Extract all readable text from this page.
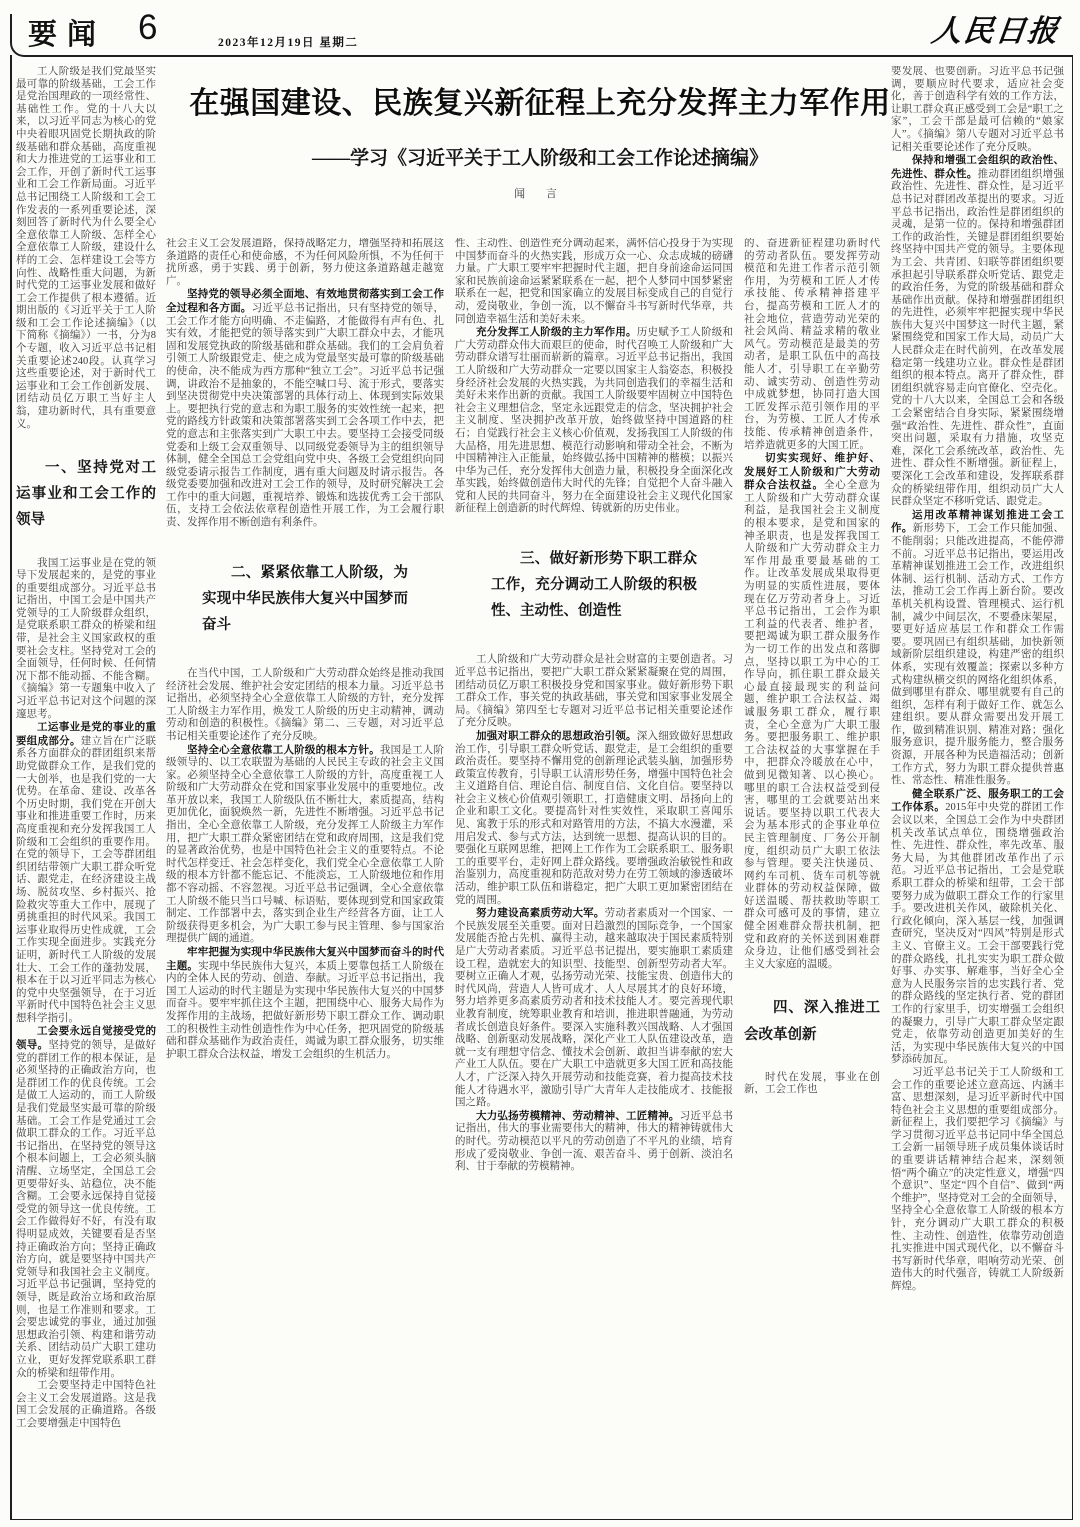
要闻 6	2023年12月19日 星期二	人民日报
在强国建设、民族复兴新征程上充分发挥主力军作用
——学习《习近平关于工人阶级和工会工作论述摘编》
闻 言

工人阶级是我们党最坚实最可靠的阶级基础，工会工作是党治国理政的一项经常性、基础性工作。党的十八大以来，以习近平同志为核心的党中央着眼巩固党长期执政的阶级基础和群众基础，高度重视和大力推进党的工运事业和工会工作，开创了新时代工运事业和工会工作新局面。习近平总书记围绕工人阶级和工会工作发表的一系列重要论述，深刻回答了新时代为什么要全心全意依靠工人阶级、怎样全心全意依靠工人阶级，建设什么样的工会、怎样建设工会等方向性、战略性重大问题，为新时代党的工运事业发展和做好工会工作提供了根本遵循。近期出版的《习近平关于工人阶级和工会工作论述摘编》（以下简称《摘编》）一书，分为8个专题，收入习近平总书记相关重要论述240段。认真学习这些重要论述，对于新时代工运事业和工会工作创新发展、团结动员亿万职工当好主人翁，建功新时代，具有重要意义。

一、坚持党对工运事业和工会工作的领导

我国工运事业是在党的领导下发展起来的，是党的事业的重要组成部分。习近平总书记指出，中国工会是中国共产党领导的工人阶级群众组织，是党联系职工群众的桥梁和纽带，是社会主义国家政权的重要社会支柱。坚持党对工会的全面领导，任何时候、任何情况下都不能动摇、不能含糊。《摘编》第一专题集中收入了习近平总书记对这个问题的深邃思考。

工运事业是党的事业的重要组成部分。建立旨在广泛联系各方面群众的群团组织来帮助党做群众工作，是我们党的一大创举，也是我们党的一大优势。在革命、建设、改革各个历史时期，我们党在开创大事业和推进重要工作时，历来高度重视和充分发挥我国工人阶级和工会组织的重要作用。在党的领导下，工会等群团组织团结带领广大职工群众听党话、跟党走，在经济建设主战场、脱贫攻坚、乡村振兴、抢险救灾等重大工作中，展现了勇挑重担的时代风采。我国工运事业取得历史性成就，工会工作实现全面进步。实践充分证明，新时代工人阶级的发展壮大、工会工作的蓬勃发展，根本在于以习近平同志为核心的党中央坚强领导，在于习近平新时代中国特色社会主义思想科学指引。

工会要永远自觉接受党的领导。坚持党的领导，是做好党的群团工作的根本保证，是必须坚持的正确政治方向，也是群团工作的优良传统。工会是做工人运动的，而工人阶级是我们党最坚实最可靠的阶级基础。工会工作是党通过工会做职工群众的工作。习近平总书记指出，在坚持党的领导这个根本问题上，工会必须头脑清醒、立场坚定，全国总工会更要带好头、站稳位，决不能含糊。工会要永远保持自觉接受党的领导这一优良传统。工会工作做得好不好，有没有取得明显成效，关键要看是否坚持正确政治方向；坚持正确政治方向，就是要坚持中国共产党领导和我国社会主义制度。习近平总书记强调，坚持党的领导，既是政治立场和政治原则，也是工作准则和要求。工会要忠诚党的事业，通过加强思想政治引领、构建和谐劳动关系、团结动员广大职工建功立业，更好发挥党联系职工群众的桥梁和纽带作用。

工会要坚持走中国特色社会主义工会发展道路。这是我国工会发展的正确道路。各级工会要增强走中国特色

社会主义工会发展道路，保持战略定力，增强坚持和拓展这条道路的责任心和使命感，不为任何风险所惧，不为任何干扰所惑，勇于实践、勇于创新，努力使这条道路越走越宽广。

坚持党的领导必须全面地、有效地贯彻落实到工会工作全过程和各方面。习近平总书记指出，只有坚持党的领导，工会工作才能方向明确、不走偏路，才能做得有声有色、扎实有效，才能把党的领导落实到广大职工群众中去，才能巩固和发展党执政的阶级基础和群众基础。我们的工会肩负着引领工人阶级跟党走、使之成为党最坚实最可靠的阶级基础的使命，决不能成为西方那种“独立工会”。习近平总书记强调，讲政治不是抽象的，不能空喊口号、流于形式，要落实到坚决贯彻党中央决策部署的具体行动上、体现到实际效果上。要把执行党的意志和为职工服务的实效性统一起来，把党的路线方针政策和决策部署落实到工会各项工作中去，把党的意志和主张落实到广大职工中去。要坚持工会接受同级党委和上级工会双重领导、以同级党委领导为主的组织领导体制，健全全国总工会党组向党中央、各级工会党组织向同级党委请示报告工作制度，遇有重大问题及时请示报告。各级党委要加强和改进对工会工作的领导，及时研究解决工会工作中的重大问题，重视培养、锻炼和选拔优秀工会干部队伍，支持工会依法依章程创造性开展工作，为工会履行职责、发挥作用不断创造有利条件。

二、紧紧依靠工人阶级，为实现中华民族伟大复兴中国梦而奋斗

在当代中国，工人阶级和广大劳动群众始终是推动我国经济社会发展、维护社会安定团结的根本力量。习近平总书记指出，必须坚持全心全意依靠工人阶级的方针，充分发挥工人阶级主力军作用，焕发工人阶级的历史主动精神，调动劳动和创造的积极性。《摘编》第二、三专题，对习近平总书记相关重要论述作了充分反映。

坚持全心全意依靠工人阶级的根本方针。我国是工人阶级领导的、以工农联盟为基础的人民民主专政的社会主义国家。必须坚持全心全意依靠工人阶级的方针，高度重视工人阶级和广大劳动群众在党和国家事业发展中的重要地位。改革开放以来，我国工人阶级队伍不断壮大，素质提高，结构更加优化，面貌焕然一新，先进性不断增强。习近平总书记指出，全心全意依靠工人阶级，充分发挥工人阶级主力军作用，把广大职工群众紧密团结在党和政府周围，这是我们党的显著政治优势，也是中国特色社会主义的重要特点。不论时代怎样变迁、社会怎样变化，我们党全心全意依靠工人阶级的根本方针都不能忘记、不能淡忘，工人阶级地位和作用都不容动摇、不容忽视。习近平总书记强调，全心全意依靠工人阶级不能只当口号喊、标语贴，要体现到党和国家政策制定、工作部署中去，落实到企业生产经营各方面，让工人阶级获得更多机会，为广大职工参与民主管理、参与国家治理提供广阔的通道。

牢牢把握为实现中华民族伟大复兴中国梦而奋斗的时代主题。实现中华民族伟大复兴，本质上要靠包括工人阶级在内的全体人民的劳动、创造、奉献。习近平总书记指出，我国工人运动的时代主题是为实现中华民族伟大复兴的中国梦而奋斗。要牢牢抓住这个主题，把围绕中心、服务大局作为发挥作用的主战场，把做好新形势下职工群众工作、调动职工的积极性主动性创造性作为中心任务，把巩固党的阶级基础和群众基础作为政治责任，竭诚为职工群众服务，切实维护职工群众合法权益，增发工会组织的生机活力。

性、主动性、创造性充分调动起来，满怀信心投身于为实现中国梦而奋斗的火热实践，形成万众一心、众志成城的磅礴力量。广大职工要牢牢把握时代主题，把自身前途命运同国家和民族前途命运紧紧联系在一起，把个人梦同中国梦紧密联系在一起，把党和国家确立的发展目标变成自己的自觉行动，爱岗敬业，争创一流，以不懈奋斗书写新时代华章，共同创造幸福生活和美好未来。

充分发挥工人阶级的主力军作用。历史赋予工人阶级和广大劳动群众伟大而艰巨的使命，时代召唤工人阶级和广大劳动群众谱写壮丽而崭新的篇章。习近平总书记指出，我国工人阶级和广大劳动群众一定要以国家主人翁姿态，积极投身经济社会发展的火热实践，为共同创造我们的幸福生活和美好未来作出新的贡献。我国工人阶级要牢固树立中国特色社会主义理想信念，坚定永远跟党走的信念，坚决拥护社会主义制度、坚决拥护改革开放，始终做坚持中国道路的柱石；自觉践行社会主义核心价值观，发扬我国工人阶级的伟大品格，用先进思想、模范行动影响和带动全社会，不断为中国精神注入正能量，始终做弘扬中国精神的楷模；以振兴中华为己任，充分发挥伟大创造力量，积极投身全面深化改革实践，始终做创造伟大时代的先锋；自觉把个人奋斗融入党和人民的共同奋斗，努力在全面建设社会主义现代化国家新征程上创造新的时代辉煌、铸就新的历史伟业。

三、做好新形势下职工群众工作，充分调动工人阶级的积极性、主动性、创造性

工人阶级和广大劳动群众是社会财富的主要创造者。习近平总书记指出，要把广大职工群众紧紧凝聚在党的周围，团结动员亿万职工积极投身党和国家事业。做好新形势下职工群众工作，事关党的执政基础，事关党和国家事业发展全局。《摘编》第四至七专题对习近平总书记相关重要论述作了充分反映。

加强对职工群众的思想政治引领。深入细致做好思想政治工作，引导职工群众听党话、跟党走，是工会组织的重要政治责任。要坚持不懈用党的创新理论武装头脑，加强形势政策宣传教育，引导职工认清形势任务，增强中国特色社会主义道路自信、理论自信、制度自信、文化自信。要坚持以社会主义核心价值观引领职工，打造健康文明、昂扬向上的企业和职工文化。要提高针对性实效性，采取职工喜闻乐见、寓教于乐的形式和对路管用的方法，不搞大水漫灌，采用启发式、参与式方法，达到统一思想、提高认识的目的。要强化互联网思维，把网上工作作为工会联系职工、服务职工的重要平台，走好网上群众路线。要增强政治敏锐性和政治鉴别力，高度重视和防范敌对势力在劳工领域的渗透破坏活动，维护职工队伍和谐稳定，把广大职工更加紧密团结在党的周围。

努力建设高素质劳动大军。劳动者素质对一个国家、一个民族发展至关重要。面对日趋激烈的国际竞争，一个国家发展能否抢占先机、赢得主动，越来越取决于国民素质特别是广大劳动者素质。习近平总书记提出，要实施职工素质建设工程，造就宏大的知识型、技能型、创新型劳动者大军。要树立正确人才观，弘扬劳动光荣、技能宝贵、创造伟大的时代风尚，营造人人皆可成才、人人尽展其才的良好环境，努力培养更多高素质劳动者和技术技能人才。要完善现代职业教育制度，统筹职业教育和培训，推进职普融通，为劳动者成长创造良好条件。要深入实施科教兴国战略、人才强国战略、创新驱动发展战略，深化产业工人队伍建设改革，造就一支有理想守信念、懂技术会创新、敢担当讲奉献的宏大产业工人队伍。要在广大职工中造就更多大国工匠和高技能人才，广泛深入持久开展劳动和技能竞赛，着力提高技术技能人才待遇水平，激励引导广大青年人走技能成才、技能报国之路。

大力弘扬劳模精神、劳动精神、工匠精神。习近平总书记指出，伟大的事业需要伟大的精神，伟大的精神铸就伟大的时代。劳动模范以平凡的劳动创造了不平凡的业绩，培育形成了爱岗敬业、争创一流、艰苦奋斗、勇于创新、淡泊名利、甘于奉献的劳模精神。

的、奋进新征程建功新时代的劳动者队伍。要发挥劳动模范和先进工作者示范引领作用，为劳模和工匠人才传承技能、传承精神搭建平台，提高劳模和工匠人才的社会地位，营造劳动光荣的社会风尚、精益求精的敬业风气。劳动模范是最美的劳动者，是职工队伍中的高技能人才，引导职工在辛勤劳动、诚实劳动、创造性劳动中成就梦想，协同打造大国工匠发挥示范引领作用的平台，为劳模、工匠人才传承技能、传承精神创造条件，培养造就更多的大国工匠。

切实实现好、维护好、发展好工人阶级和广大劳动群众合法权益。全心全意为工人阶级和广大劳动群众谋利益，是我国社会主义制度的根本要求，是党和国家的神圣职责，也是发挥我国工人阶级和广大劳动群众主力军作用最重要最基础的工作。让改革发展成果取得更为明显的实质性进展，要体现在亿万劳动者身上。习近平总书记指出，工会作为职工利益的代表者、维护者，要把竭诚为职工群众服务作为一切工作的出发点和落脚点，坚持以职工为中心的工作导向，抓住职工群众最关心最直接最现实的利益问题，维护职工合法权益、竭诚服务职工群众，履行职责，全心全意为广大职工服务。要把服务职工、维护职工合法权益的大事掌握在手中，把群众冷暖放在心中，做到见微知著、以心换心。哪里的职工合法权益受到侵害，哪里的工会就要站出来说话。要坚持以职工代表大会为基本形式的企事业单位民主管理制度、厂务公开制度，组织动员广大职工依法参与管理。要关注快递员、网约车司机、货车司机等就业群体的劳动权益保障，做好送温暖、帮扶救助等职工群众可感可及的事情，建立健全困难群众帮扶机制，把党和政府的关怀送到困难群众身边，让他们感受到社会主义大家庭的温暖。

四、深入推进工会改革创新

时代在发展，事业在创新，工会工作也

要发展、也要创新。习近平总书记强调，要顺应时代要求，适应社会变化，善于创造科学有效的工作方法，让职工群众真正感受到工会是“职工之家”，工会干部是最可信赖的“娘家人”。《摘编》第八专题对习近平总书记相关重要论述作了充分反映。

保持和增强工会组织的政治性、先进性、群众性。推动群团组织增强政治性、先进性、群众性，是习近平总书记对群团改革提出的要求。习近平总书记指出，政治性是群团组织的灵魂，是第一位的。保持和增强群团工作的政治性，关键是群团组织要始终坚持中国共产党的领导。主要体现为工会、共青团、妇联等群团组织要承担起引导联系群众听党话、跟党走的政治任务，为党的阶级基础和群众基础作出贡献。保持和增强群团组织的先进性，必须牢牢把握实现中华民族伟大复兴中国梦这一时代主题，紧紧围绕党和国家工作大局，动员广大人民群众走在时代前列，在改革发展稳定第一线建功立业。群众性是群团组织的根本特点。离开了群众性，群团组织就容易走向官僚化、空壳化。党的十八大以来，全国总工会和各级工会紧密结合自身实际，紧紧围绕增强“政治性、先进性、群众性”，直面突出问题，采取有力措施，攻坚克难，深化工会系统改革，政治性、先进性、群众性不断增强。新征程上，要深化工会改革和建设，发挥联系群众的桥梁纽带作用，组织动员广大人民群众坚定不移听党话、跟党走。

运用改革精神谋划推进工会工作。新形势下，工会工作只能加强、不能削弱；只能改进提高，不能停滞不前。习近平总书记指出，要运用改革精神谋划推进工会工作，改进组织体制、运行机制、活动方式、工作方法，推动工会工作再上新台阶。要改革机关机构设置、管理模式、运行机制，减少中间层次，不要叠床架屋，要更好适应基层工作和群众工作需要。要巩固已有组织基础，加快新领域新阶层组织建设，构建严密的组织体系，实现有效覆盖；探索以多种方式构建纵横交织的网络化组织体系，做到哪里有群众、哪里就要有自己的组织，怎样有利于做好工作、就怎么建组织。要从群众需要出发开展工作，做到精准识别、精准对路；强化服务意识，提升服务能力，整合服务资源，开展各种为民造福活动；创新工作方式，努力为职工群众提供普惠性、常态性、精准性服务。

健全联系广泛、服务职工的工会工作体系。2015年中央党的群团工作会议以来，全国总工会作为中央群团机关改革试点单位，围绕增强政治性、先进性、群众性，率先改革、服务大局，为其他群团改革作出了示范。习近平总书记指出，工会是党联系职工群众的桥梁和纽带，工会干部要努力成为做职工群众工作的行家里手。要改进机关作风，破除机关化、行政化倾向，深入基层一线，加强调查研究，坚决反对“四风”特别是形式主义、官僚主义。工会干部要践行党的群众路线，扎扎实实为职工群众做好事、办实事、解难事，当好全心全意为人民服务宗旨的忠实践行者、党的群众路线的坚定执行者、党的群团工作的行家里手，切实增强工会组织的凝聚力，引导广大职工群众坚定跟党走，依靠劳动创造更加美好的生活，为实现中华民族伟大复兴的中国梦添砖加瓦。

习近平总书记关于工人阶级和工会工作的重要论述立意高远、内涵丰富、思想深刻，是习近平新时代中国特色社会主义思想的重要组成部分。新征程上，我们要把学习《摘编》与学习贯彻习近平总书记同中华全国总工会新一届领导班子成员集体谈话时的重要讲话精神结合起来，深刻领悟“两个确立”的决定性意义，增强“四个意识”、坚定“四个自信”、做到“两个维护”，坚持党对工会的全面领导，坚持全心全意依靠工人阶级的根本方针，充分调动广大职工群众的积极性、主动性、创造性，依靠劳动创造扎实推进中国式现代化，以不懈奋斗书写新时代华章，唱响劳动光荣、创造伟大的时代强音，铸就工人阶级新辉煌。
